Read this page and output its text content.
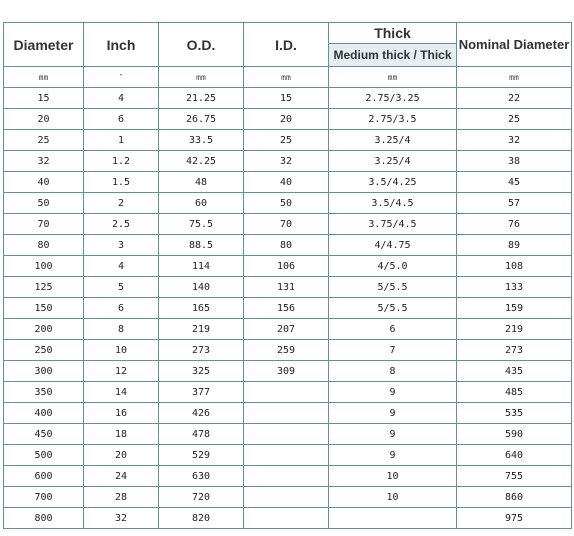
Diameter	Inch	O.D.	I.D.	Thick	Nominal Diameter
				Medium thick / Thick	
mm	″	mm	mm	mm	mm
15	4	21.25	15	2.75/3.25	22
20	6	26.75	20	2.75/3.5	25
25	1	33.5	25	3.25/4	32
32	1.2	42.25	32	3.25/4	38
40	1.5	48	40	3.5/4.25	45
50	2	60	50	3.5/4.5	57
70	2.5	75.5	70	3.75/4.5	76
80	3	88.5	80	4/4.75	89
100	4	114	106	4/5.0	108
125	5	140	131	5/5.5	133
150	6	165	156	5/5.5	159
200	8	219	207	6	219
250	10	273	259	7	273
300	12	325	309	8	435
350	14	377		9	485
400	16	426		9	535
450	18	478		9	590
500	20	529		9	640
600	24	630		10	755
700	28	720		10	860
800	32	820			975
